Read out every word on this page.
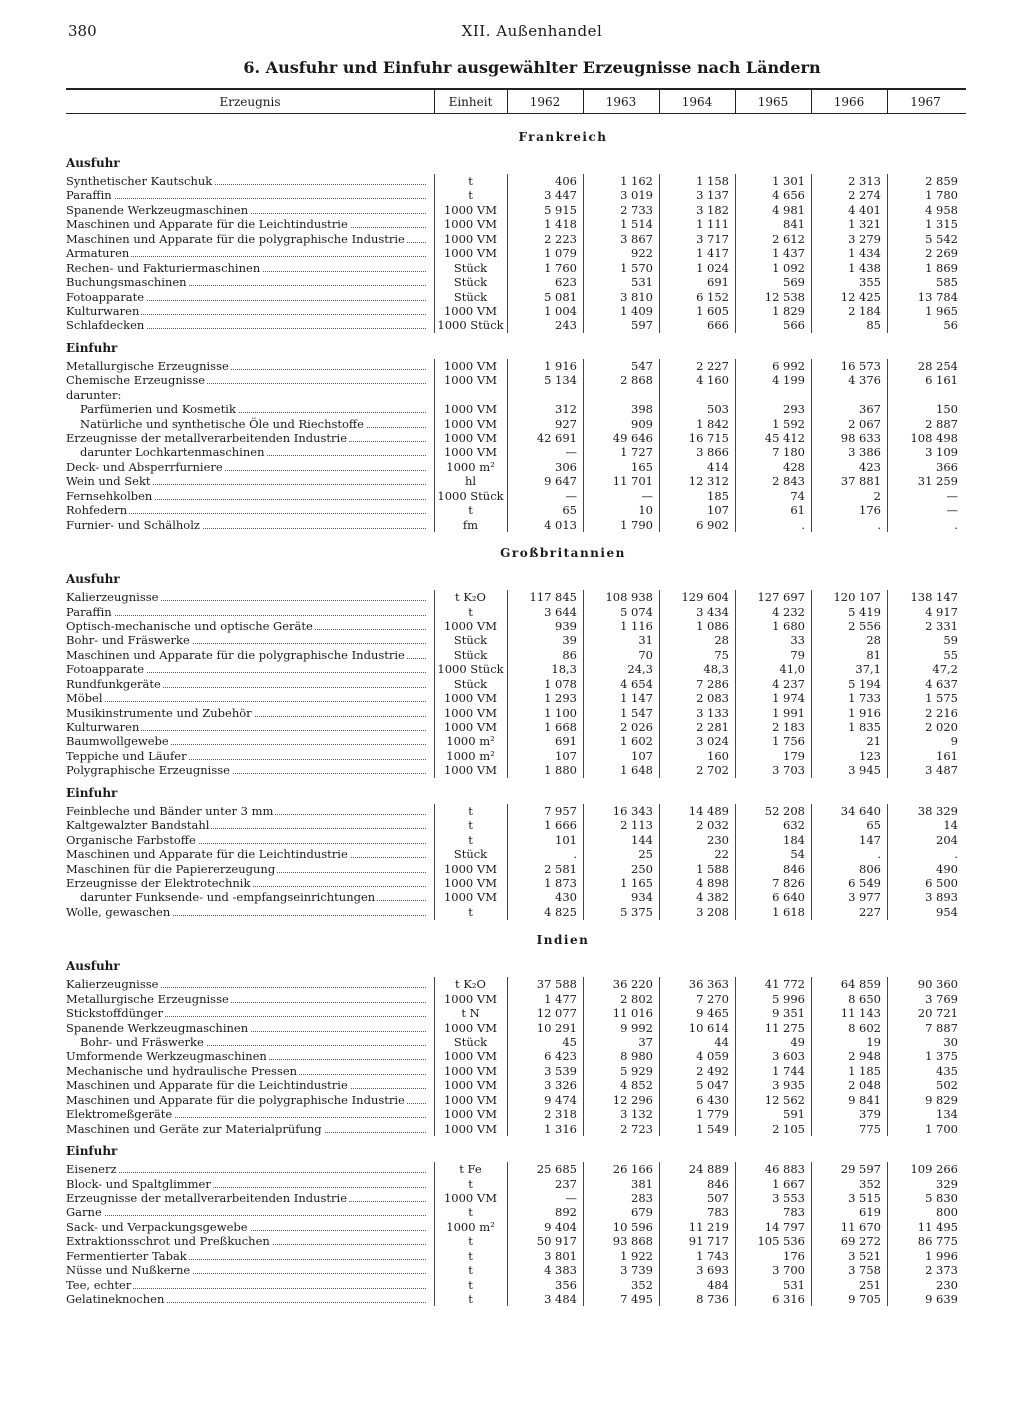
380	XII. Außenhandel
6. Ausfuhr und Einfuhr ausgewählter Erzeugnisse nach Ländern
Erzeugnis	Einheit	1962	1963	1964	1965	1966	1967
Frankreich
Ausfuhr
Synthetischer Kautschuk	t	406	1 162	1 158	1 301	2 313	2 859
Paraffin	t	3 447	3 019	3 137	4 656	2 274	1 780
Spanende Werkzeugmaschinen	1000 VM	5 915	2 733	3 182	4 981	4 401	4 958
Maschinen und Apparate für die Leichtindustrie	1000 VM	1 418	1 514	1 111	841	1 321	1 315
Maschinen und Apparate für die polygraphische Industrie	1000 VM	2 223	3 867	3 717	2 612	3 279	5 542
Armaturen	1000 VM	1 079	922	1 417	1 437	1 434	2 269
Rechen- und Fakturiermaschinen	Stück	1 760	1 570	1 024	1 092	1 438	1 869
Buchungsmaschinen	Stück	623	531	691	569	355	585
Fotoapparate	Stück	5 081	3 810	6 152	12 538	12 425	13 784
Kulturwaren	1000 VM	1 004	1 409	1 605	1 829	2 184	1 965
Schlafdecken	1000 Stück	243	597	666	566	85	56
Einfuhr
Metallurgische Erzeugnisse	1000 VM	1 916	547	2 227	6 992	16 573	28 254
Chemische Erzeugnisse	1000 VM	5 134	2 868	4 160	4 199	4 376	6 161
darunter:
Parfümerien und Kosmetik	1000 VM	312	398	503	293	367	150
Natürliche und synthetische Öle und Riechstoffe	1000 VM	927	909	1 842	1 592	2 067	2 887
Erzeugnisse der metallverarbeitenden Industrie	1000 VM	42 691	49 646	16 715	45 412	98 633	108 498
darunter Lochkartenmaschinen	1000 VM	—	1 727	3 866	7 180	3 386	3 109
Deck- und Absperrfurniere	1000 m²	306	165	414	428	423	366
Wein und Sekt	hl	9 647	11 701	12 312	2 843	37 881	31 259
Fernsehkolben	1000 Stück	—	—	185	74	2	—
Rohfedern	t	65	10	107	61	176	—
Furnier- und Schälholz	fm	4 013	1 790	6 902	.	.	.
Großbritannien
Ausfuhr
Kalierzeugnisse	t K₂O	117 845	108 938	129 604	127 697	120 107	138 147
Paraffin	t	3 644	5 074	3 434	4 232	5 419	4 917
Optisch-mechanische und optische Geräte	1000 VM	939	1 116	1 086	1 680	2 556	2 331
Bohr- und Fräswerke	Stück	39	31	28	33	28	59
Maschinen und Apparate für die polygraphische Industrie	Stück	86	70	75	79	81	55
Fotoapparate	1000 Stück	18,3	24,3	48,3	41,0	37,1	47,2
Rundfunkgeräte	Stück	1 078	4 654	7 286	4 237	5 194	4 637
Möbel	1000 VM	1 293	1 147	2 083	1 974	1 733	1 575
Musikinstrumente und Zubehör	1000 VM	1 100	1 547	3 133	1 991	1 916	2 216
Kulturwaren	1000 VM	1 668	2 026	2 281	2 183	1 835	2 020
Baumwollgewebe	1000 m²	691	1 602	3 024	1 756	21	9
Teppiche und Läufer	1000 m²	107	107	160	179	123	161
Polygraphische Erzeugnisse	1000 VM	1 880	1 648	2 702	3 703	3 945	3 487
Einfuhr
Feinbleche und Bänder unter 3 mm	t	7 957	16 343	14 489	52 208	34 640	38 329
Kaltgewalzter Bandstahl	t	1 666	2 113	2 032	632	65	14
Organische Farbstoffe	t	101	144	230	184	147	204
Maschinen und Apparate für die Leichtindustrie	Stück	.	25	22	54	.	.
Maschinen für die Papiererzeugung	1000 VM	2 581	250	1 588	846	806	490
Erzeugnisse der Elektrotechnik	1000 VM	1 873	1 165	4 898	7 826	6 549	6 500
darunter Funksende- und -empfangseinrichtungen	1000 VM	430	934	4 382	6 640	3 977	3 893
Wolle, gewaschen	t	4 825	5 375	3 208	1 618	227	954
Indien
Ausfuhr
Kalierzeugnisse	t K₂O	37 588	36 220	36 363	41 772	64 859	90 360
Metallurgische Erzeugnisse	1000 VM	1 477	2 802	7 270	5 996	8 650	3 769
Stickstoffdünger	t N	12 077	11 016	9 465	9 351	11 143	20 721
Spanende Werkzeugmaschinen	1000 VM	10 291	9 992	10 614	11 275	8 602	7 887
Bohr- und Fräswerke	Stück	45	37	44	49	19	30
Umformende Werkzeugmaschinen	1000 VM	6 423	8 980	4 059	3 603	2 948	1 375
Mechanische und hydraulische Pressen	1000 VM	3 539	5 929	2 492	1 744	1 185	435
Maschinen und Apparate für die Leichtindustrie	1000 VM	3 326	4 852	5 047	3 935	2 048	502
Maschinen und Apparate für die polygraphische Industrie	1000 VM	9 474	12 296	6 430	12 562	9 841	9 829
Elektromeßgeräte	1000 VM	2 318	3 132	1 779	591	379	134
Maschinen und Geräte zur Materialprüfung	1000 VM	1 316	2 723	1 549	2 105	775	1 700
Einfuhr
Eisenerz	t Fe	25 685	26 166	24 889	46 883	29 597	109 266
Block- und Spaltglimmer	t	237	381	846	1 667	352	329
Erzeugnisse der metallverarbeitenden Industrie	1000 VM	—	283	507	3 553	3 515	5 830
Garne	t	892	679	783	783	619	800
Sack- und Verpackungsgewebe	1000 m²	9 404	10 596	11 219	14 797	11 670	11 495
Extraktionsschrot und Preßkuchen	t	50 917	93 868	91 717	105 536	69 272	86 775
Fermentierter Tabak	t	3 801	1 922	1 743	176	3 521	1 996
Nüsse und Nußkerne	t	4 383	3 739	3 693	3 700	3 758	2 373
Tee, echter	t	356	352	484	531	251	230
Gelatineknochen	t	3 484	7 495	8 736	6 316	9 705	9 639
